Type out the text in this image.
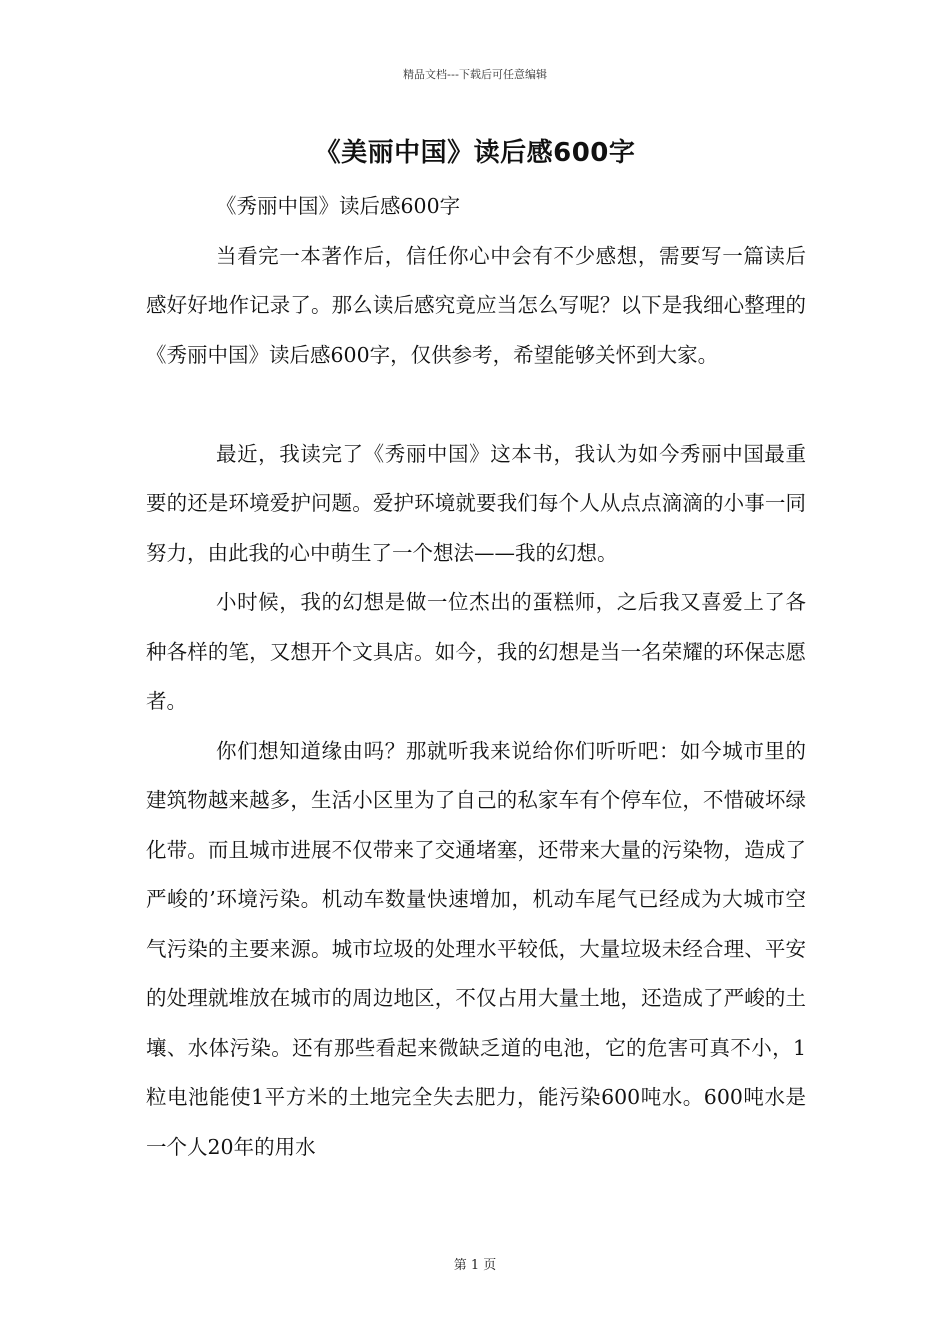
精品文档---下载后可任意编辑
《美丽中国》读后感600字

《秀丽中国》读后感600字

当看完一本著作后，信任你心中会有不少感想，需要写一篇读后感好好地作记录了。那么读后感究竟应当怎么写呢？以下是我细心整理的《秀丽中国》读后感600字，仅供参考，希望能够关怀到大家。

最近，我读完了《秀丽中国》这本书，我认为如今秀丽中国最重要的还是环境爱护问题。爱护环境就要我们每个人从点点滴滴的小事一同努力，由此我的心中萌生了一个想法——我的幻想。

小时候，我的幻想是做一位杰出的蛋糕师，之后我又喜爱上了各种各样的笔，又想开个文具店。如今，我的幻想是当一名荣耀的环保志愿者。

你们想知道缘由吗？那就听我来说给你们听听吧：如今城市里的建筑物越来越多，生活小区里为了自己的私家车有个停车位，不惜破坏绿化带。而且城市进展不仅带来了交通堵塞，还带来大量的污染物，造成了严峻的’环境污染。机动车数量快速增加，机动车尾气已经成为大城市空气污染的主要来源。城市垃圾的处理水平较低，大量垃圾未经合理、平安的处理就堆放在城市的周边地区，不仅占用大量土地，还造成了严峻的土壤、水体污染。还有那些看起来微缺乏道的电池，它的危害可真不小，1粒电池能使1平方米的土地完全失去肥力，能污染600吨水。600吨水是一个人20年的用水

第 1 页
